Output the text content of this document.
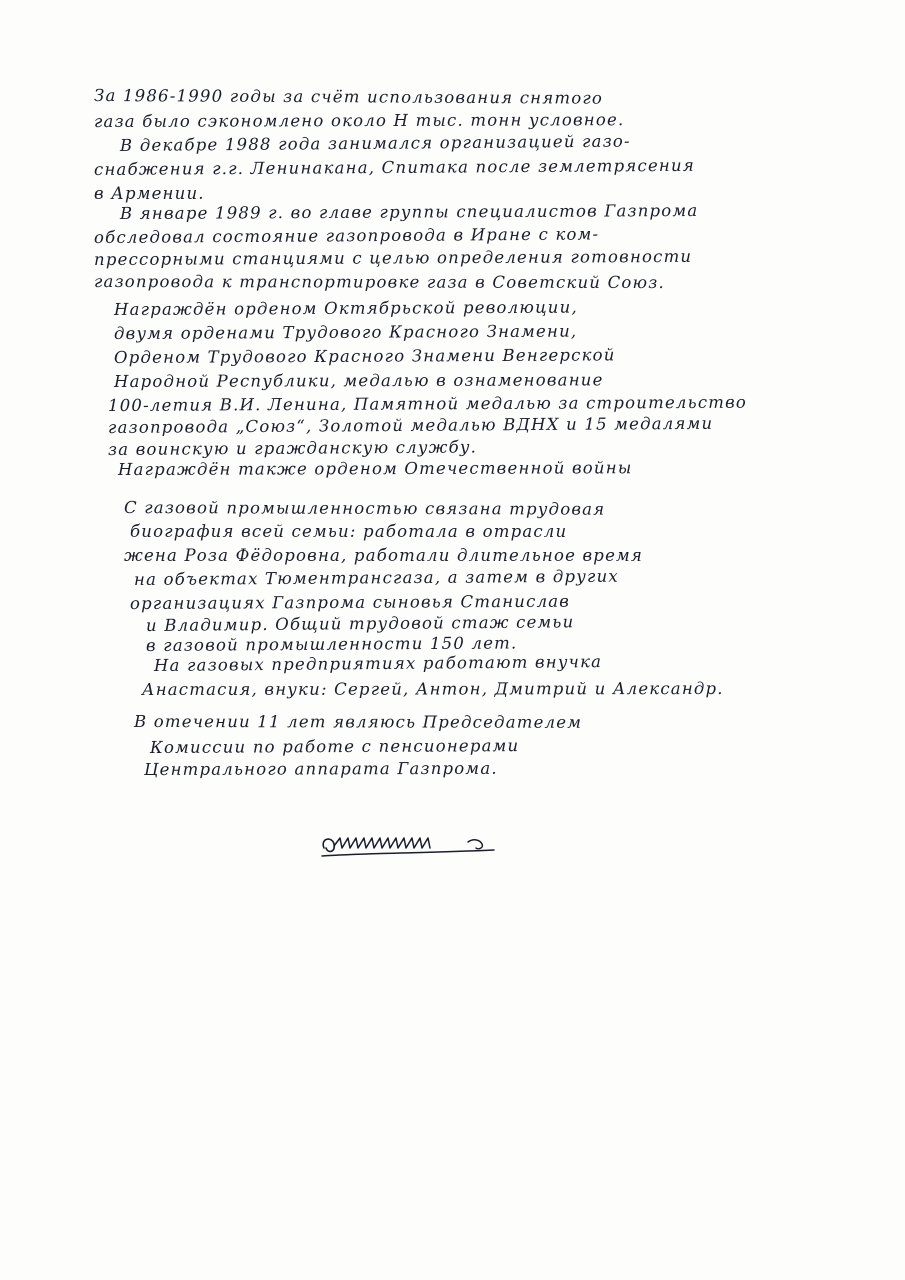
За 1986-1990 годы за счёт использования снятого
газа было сэкономлено около Н тыс. тонн условное.
В декабре 1988 года занимался организацией газо-
снабжения г.г. Ленинакана, Спитака после землетрясения
в Армении.
В январе 1989 г. во главе группы специалистов Газпрома
обследовал состояние газопровода в Иране с ком-
прессорными станциями с целью определения готовности
газопровода к транспортировке газа в Советский Союз.
Награждён орденом Октябрьской революции,
двумя орденами Трудового Красного Знамени,
Орденом Трудового Красного Знамени Венгерской
Народной Республики, медалью в ознаменование
100-летия В.И. Ленина, Памятной медалью за строительство
газопровода „Союз“, Золотой медалью ВДНХ и 15 медалями
за воинскую и гражданскую службу.
Награждён также орденом Отечественной войны
С газовой промышленностью связана трудовая
биография всей семьи: работала в отрасли
жена Роза Фёдоровна, работали длительное время
на объектах Тюментрансгаза, а затем в других
организациях Газпрома сыновья Станислав
и Владимир. Общий трудовой стаж семьи
в газовой промышленности 150 лет.
На газовых предприятиях работают внучка
Анастасия, внуки: Сергей, Антон, Дмитрий и Александр.
В отечении 11 лет являюсь Председателем
Комиссии по работе с пенсионерами
Центрального аппарата Газпрома.
